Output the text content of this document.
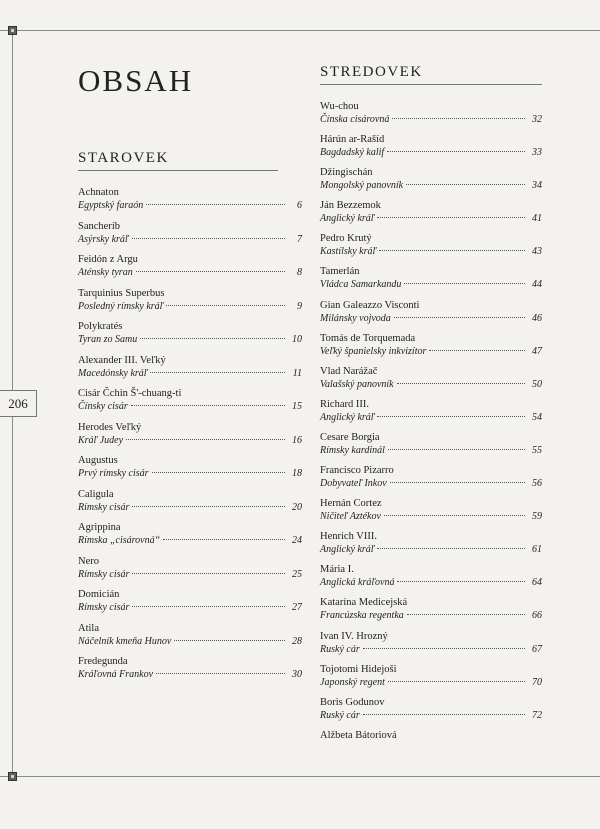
206
OBSAH
STAROVEK
Achnaton
Egyptský faraón	6
Sancheríb
Asýrsky kráľ	7
Feidón z Argu
Aténsky tyran	8
Tarquinius Superbus
Posledný rímsky kráľ	9
Polykratés
Tyran zo Samu	10
Alexander III. Veľký
Macedónsky kráľ	11
Cisár Čchin Š'-chuang-ti
Čínsky cisár	15
Herodes Veľký
Kráľ Judey	16
Augustus
Prvý rímsky cisár	18
Caligula
Rímsky cisár	20
Agrippina
Rímska „cisárovná“	24
Nero
Rímsky cisár	25
Domicián
Rímsky cisár	27
Atila
Náčelník kmeňa Hunov	28
Fredegunda
Kráľovná Frankov	30
STREDOVEK
Wu-chou
Čínska cisárovná	32
Hárún ar-Rašíd
Bagdadský kalif	33
Džingischán
Mongolský panovník	34
Ján Bezzemok
Anglický kráľ	41
Pedro Krutý
Kastílsky kráľ	43
Tamerlán
Vládca Samarkandu	44
Gian Galeazzo Visconti
Milánsky vojvoda	46
Tomás de Torquemada
Veľký španielsky inkvizítor	47
Vlad Narážač
Valašský panovník	50
Richard III.
Anglický kráľ	54
Cesare Borgia
Rímsky kardinál	55
Francisco Pizarro
Dobyvateľ Inkov	56
Hernán Cortez
Ničiteľ Aztékov	59
Henrich VIII.
Anglický kráľ	61
Mária I.
Anglická kráľovná	64
Katarína Medicejská
Francúzska regentka	66
Ivan IV. Hrozný
Ruský cár	67
Tojotomi Hidejoši
Japonský regent	70
Boris Godunov
Ruský cár	72
Alžbeta Bátoriová
